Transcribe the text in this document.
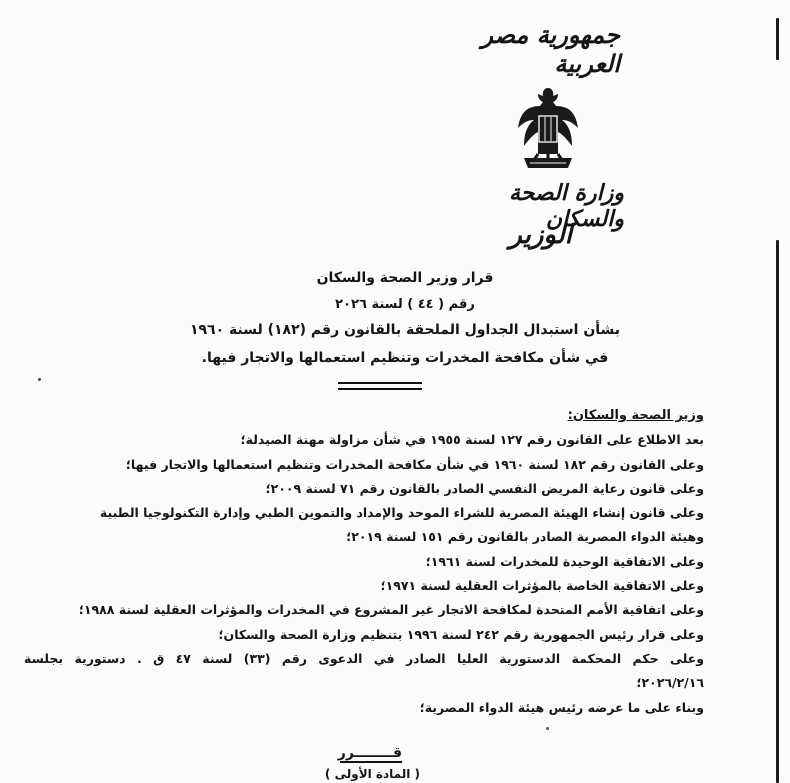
جمهورية مصر العربية
وزارة الصحة والسكان
الوزير
قرار وزير الصحة والسكان
رقم ( ٤٤ ) لسنة ٢٠٢٦
بشأن استبدال الجداول الملحقة بالقانون رقم (١٨٢) لسنة ١٩٦٠
في شأن مكافحة المخدرات وتنظيم استعمالها والاتجار فيها.
وزير الصحة والسكان:
بعد الاطلاع على القانون رقم ١٢٧ لسنة ١٩٥٥ في شأن مزاولة مهنة الصيدلة؛
وعلى القانون رقم ١٨٢ لسنة ١٩٦٠ في شأن مكافحة المخدرات وتنظيم استعمالها والاتجار فيها؛
وعلى قانون رعاية المريض النفسي الصادر بالقانون رقم ٧١ لسنة ٢٠٠٩؛
وعلى قانون إنشاء الهيئة المصرية للشراء الموحد والإمداد والتموين الطبي وإدارة التكنولوجيا الطبية
وهيئة الدواء المصرية الصادر بالقانون رقم ١٥١ لسنة ٢٠١٩؛
وعلى الاتفاقية الوحيدة للمخدرات لسنة ١٩٦١؛
وعلى الاتفاقية الخاصة بالمؤثرات العقلية لسنة ١٩٧١؛
وعلى اتفاقية الأمم المتحدة لمكافحة الاتجار غير المشروع في المخدرات والمؤثرات العقلية لسنة ١٩٨٨؛
وعلى قرار رئيس الجمهورية رقم ٢٤٢ لسنة ١٩٩٦ بتنظيم وزارة الصحة والسكان؛
وعلى حكم المحكمة الدستورية العليا الصادر في الدعوى رقم (٣٣) لسنة ٤٧ ق . دستورية بجلسة
٢٠٢٦/٢/١٦؛
وبناء على ما عرضه رئيس هيئة الدواء المصرية؛
قــــــــرر
( المادة الأولى )
